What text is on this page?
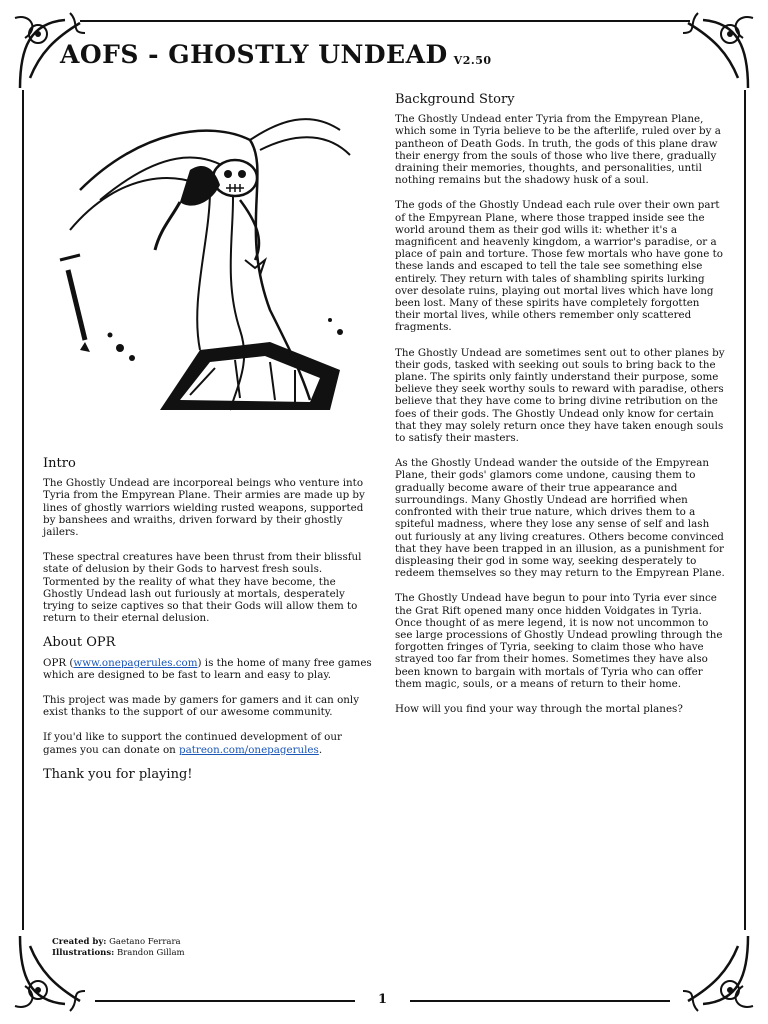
AOFS - GHOSTLY UNDEAD $^{V2.50}$
Intro

The Ghostly Undead are incorporeal beings who venture into Tyria from the Empyrean Plane. Their armies are made up by lines of ghostly warriors wielding rusted weapons, supported by banshees and wraiths, driven forward by their ghostly jailers.

These spectral creatures have been thrust from their blissful state of delusion by their Gods to harvest fresh souls. Tormented by the reality of what they have become, the Ghostly Undead lash out furiously at mortals, desperately trying to seize captives so that their Gods will allow them to return to their eternal delusion.

About OPR

OPR (www.onepagerules.com) is the home of many free games which are designed to be fast to learn and easy to play.

This project was made by gamers for gamers and it can only exist thanks to the support of our awesome community.

If you'd like to support the continued development of our games you can donate on patreon.com/onepagerules.

Thank you for playing!
Background Story

The Ghostly Undead enter Tyria from the Empyrean Plane, which some in Tyria believe to be the afterlife, ruled over by a pantheon of Death Gods. In truth, the gods of this plane draw their energy from the souls of those who live there, gradually draining their memories, thoughts, and personalities, until nothing remains but the shadowy husk of a soul.

The gods of the Ghostly Undead each rule over their own part of the Empyrean Plane, where those trapped inside see the world around them as their god wills it: whether it's a magnificent and heavenly kingdom, a warrior's paradise, or a place of pain and torture. Those few mortals who have gone to these lands and escaped to tell the tale see something else entirely. They return with tales of shambling spirits lurking over desolate ruins, playing out mortal lives which have long been lost. Many of these spirits have completely forgotten their mortal lives, while others remember only scattered fragments.

The Ghostly Undead are sometimes sent out to other planes by their gods, tasked with seeking out souls to bring back to the plane. The spirits only faintly understand their purpose, some believe they seek worthy souls to reward with paradise, others believe that they have come to bring divine retribution on the foes of their gods. The Ghostly Undead only know for certain that they may solely return once they have taken enough souls to satisfy their masters.

As the Ghostly Undead wander the outside of the Empyrean Plane, their gods' glamors come undone, causing them to gradually become aware of their true appearance and surroundings. Many Ghostly Undead are horrified when confronted with their true nature, which drives them to a spiteful madness, where they lose any sense of self and lash out furiously at any living creatures. Others become convinced that they have been trapped in an illusion, as a punishment for displeasing their god in some way, seeking desperately to redeem themselves so they may return to the Empyrean Plane.

The Ghostly Undead have begun to pour into Tyria ever since the Grat Rift opened many once hidden Voidgates in Tyria. Once thought of as mere legend, it is now not uncommon to see large processions of Ghostly Undead prowling through the forgotten fringes of Tyria, seeking to claim those who have strayed too far from their homes. Sometimes they have also been known to bargain with mortals of Tyria who can offer them magic, souls, or a means of return to their home.

How will you find your way through the mortal planes?

Created by: Gaetano Ferrara
Illustrations: Brandon Gillam
1
